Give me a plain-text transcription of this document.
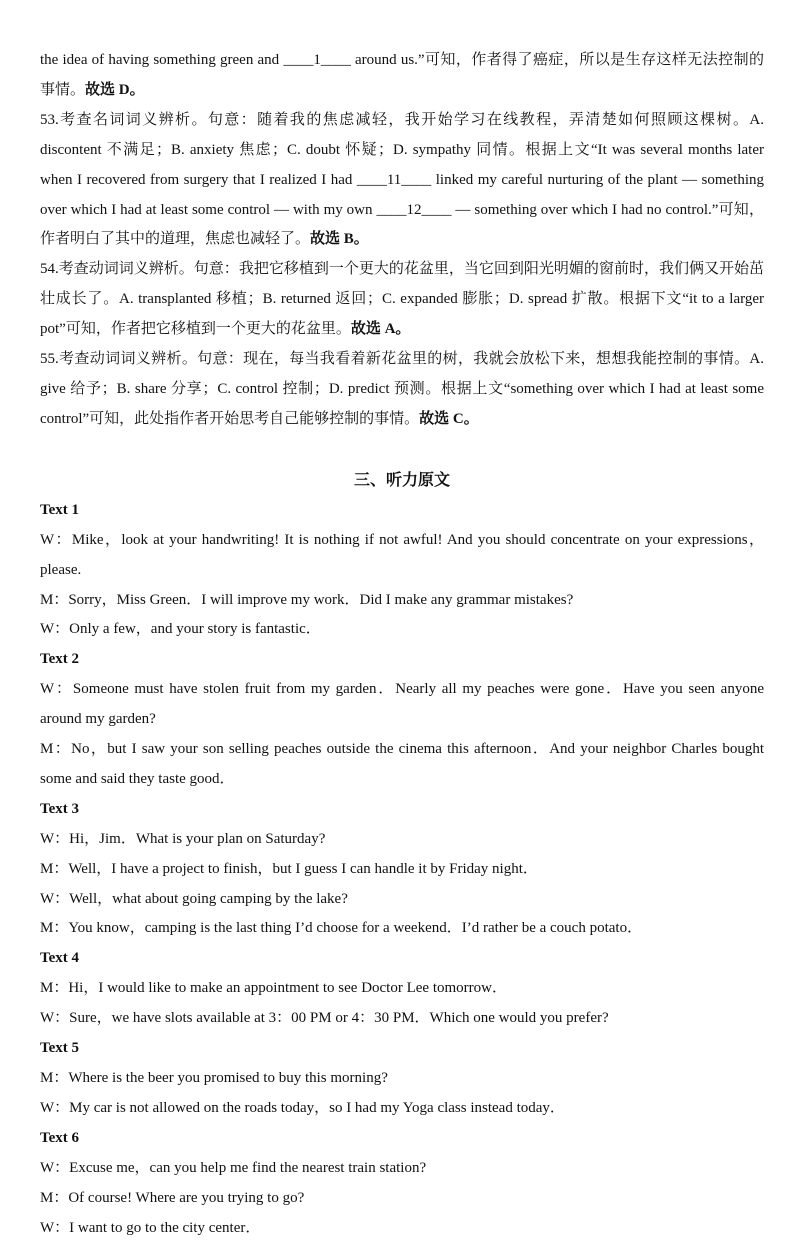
the idea of having something green and ____1____ around us.”可知，作者得了癌症，所以是生存这样无法控制的事情。故选 D。

53.考查名词词义辨析。句意：随着我的焦虑减轻，我开始学习在线教程，弄清楚如何照顾这棵树。A. discontent 不满足；B. anxiety 焦虑；C. doubt 怀疑；D. sympathy 同情。根据上文“It was several months later when I recovered from surgery that I realized I had ____11____ linked my careful nurturing of the plant — something over which I had at least some control — with my own ____12____ — something over which I had no control.”可知，作者明白了其中的道理，焦虑也减轻了。故选 B。

54.考查动词词义辨析。句意：我把它移植到一个更大的花盆里，当它回到阳光明媚的窗前时，我们俩又开始茁壮成长了。A. transplanted 移植；B. returned 返回；C. expanded 膨胀；D. spread 扩散。根据下文“it to a larger pot”可知，作者把它移植到一个更大的花盆里。故选 A。

55.考查动词词义辨析。句意：现在，每当我看着新花盆里的树，我就会放松下来，想想我能控制的事情。A. give 给予；B. share 分享；C. control 控制；D. predict 预测。根据上文“something over which I had at least some control”可知，此处指作者开始思考自己能够控制的事情。故选 C。

三、听力原文

Text 1

W：Mike，look at your handwriting! It is nothing if not awful! And you should concentrate on your expressions，please.

M：Sorry，Miss Green．I will improve my work．Did I make any grammar mistakes?

W：Only a few，and your story is fantastic．

Text 2

W：Someone must have stolen fruit from my garden．Nearly all my peaches were gone．Have you seen anyone around my garden?

M：No，but I saw your son selling peaches outside the cinema this afternoon．And your neighbor Charles bought some and said they taste good．

Text 3

W：Hi，Jim．What is your plan on Saturday?

M：Well，I have a project to finish，but I guess I can handle it by Friday night．

W：Well，what about going camping by the lake?

M：You know，camping is the last thing I’d choose for a weekend．I’d rather be a couch potato．

Text 4

M：Hi，I would like to make an appointment to see Doctor Lee tomorrow．

W：Sure，we have slots available at 3：00 PM or 4：30 PM．Which one would you prefer?

Text 5

M：Where is the beer you promised to buy this morning?

W：My car is not allowed on the roads today，so I had my Yoga class instead today．

Text 6

W：Excuse me，can you help me find the nearest train station?

M：Of course! Where are you trying to go?

W：I want to go to the city center．
